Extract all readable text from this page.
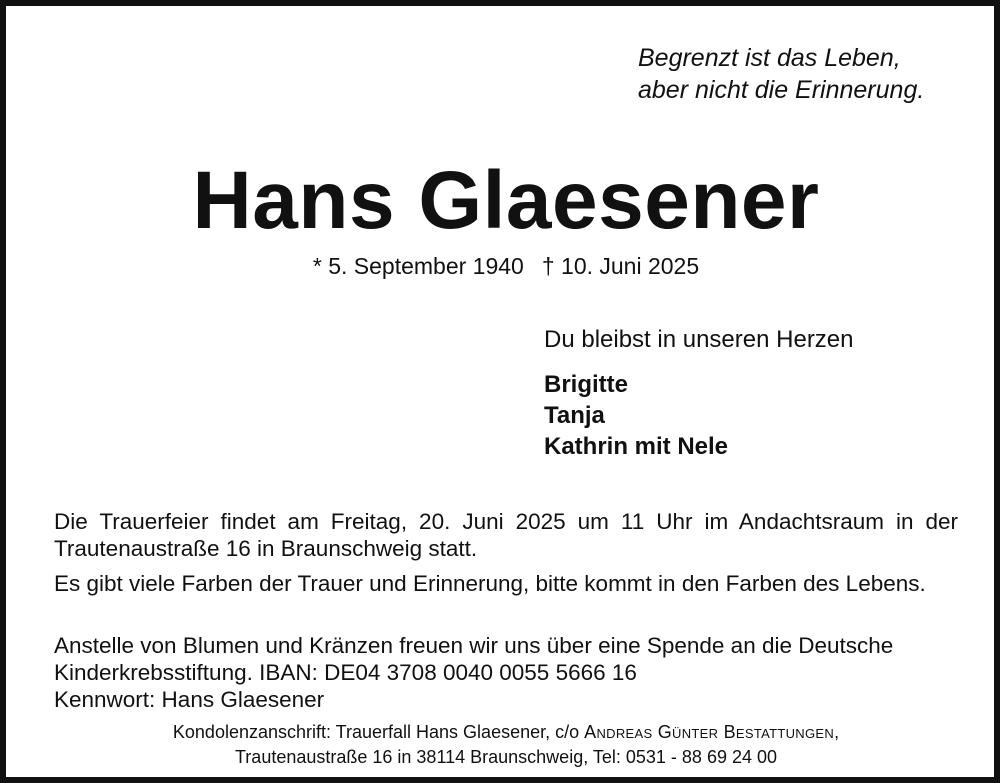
Begrenzt ist das Leben,
aber nicht die Erinnerung.
Hans Glaesener
* 5. September 1940 † 10. Juni 2025
Du bleibst in unseren Herzen
Brigitte
Tanja
Kathrin mit Nele
Die Trauerfeier findet am Freitag, 20. Juni 2025 um 11 Uhr im Andachtsraum in der Trautenaustraße 16 in Braunschweig statt.
Es gibt viele Farben der Trauer und Erinnerung, bitte kommt in den Farben des Lebens.
Anstelle von Blumen und Kränzen freuen wir uns über eine Spende an die Deutsche
Kinderkrebsstiftung. IBAN: DE04 3708 0040 0055 5666 16
Kennwort: Hans Glaesener
Kondolenzanschrift: Trauerfall Hans Glaesener, c/o Andreas Günter Bestattungen,
Trautenaustraße 16 in 38114 Braunschweig, Tel: 0531 - 88 69 24 00
